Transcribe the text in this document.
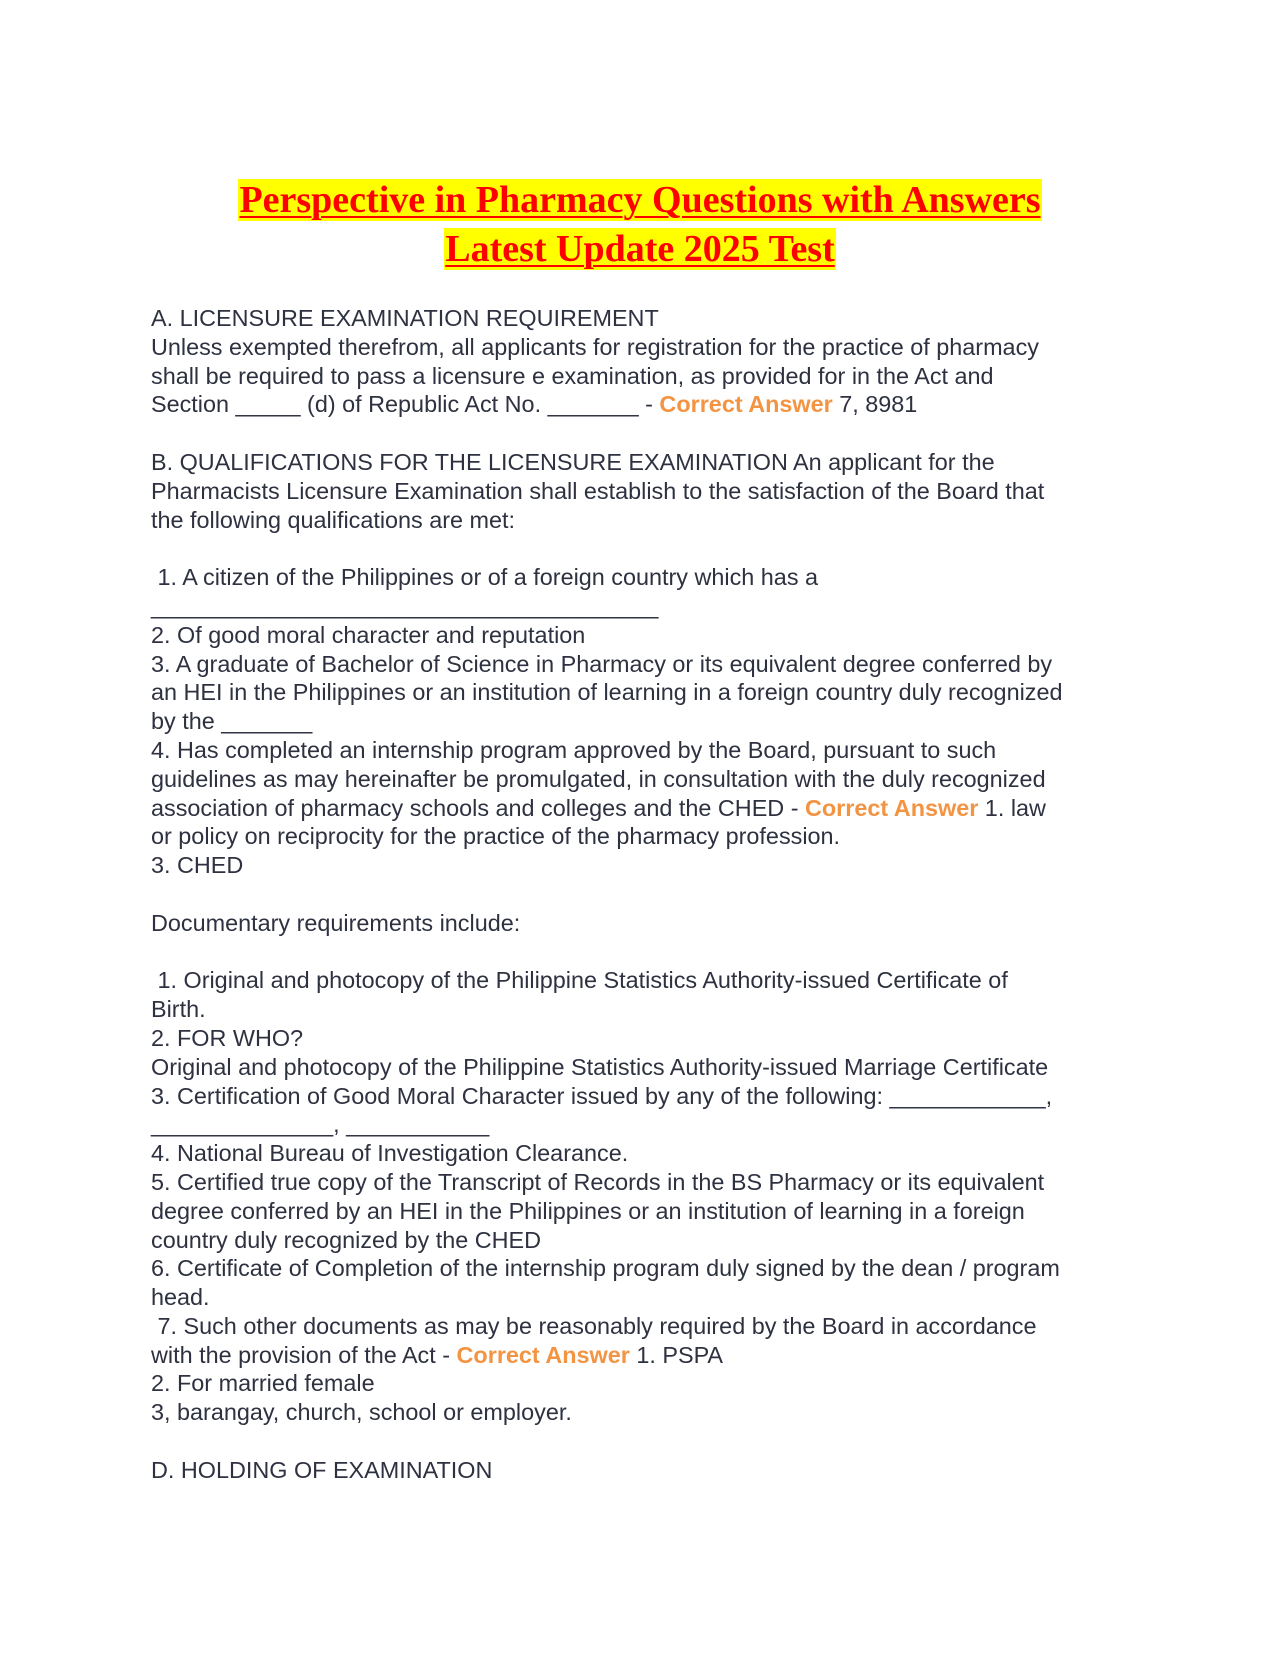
Perspective in Pharmacy Questions with Answers
Latest Update 2025 Test
A. LICENSURE EXAMINATION REQUIREMENT
Unless exempted therefrom, all applicants for registration for the practice of pharmacy
shall be required to pass a licensure e examination, as provided for in the Act and
Section _____ (d) of Republic Act No. _______ - Correct Answer 7, 8981
B. QUALIFICATIONS FOR THE LICENSURE EXAMINATION An applicant for the
Pharmacists Licensure Examination shall establish to the satisfaction of the Board that
the following qualifications are met:
1. A citizen of the Philippines or of a foreign country which has a
_______________________________________
2. Of good moral character and reputation
3. A graduate of Bachelor of Science in Pharmacy or its equivalent degree conferred by
an HEI in the Philippines or an institution of learning in a foreign country duly recognized
by the _______
4. Has completed an internship program approved by the Board, pursuant to such
guidelines as may hereinafter be promulgated, in consultation with the duly recognized
association of pharmacy schools and colleges and the CHED - Correct Answer 1. law
or policy on reciprocity for the practice of the pharmacy profession.
3. CHED
Documentary requirements include:
1. Original and photocopy of the Philippine Statistics Authority-issued Certificate of
Birth.
2. FOR WHO?
Original and photocopy of the Philippine Statistics Authority-issued Marriage Certificate
3. Certification of Good Moral Character issued by any of the following: ____________,
______________, ___________
4. National Bureau of Investigation Clearance.
5. Certified true copy of the Transcript of Records in the BS Pharmacy or its equivalent
degree conferred by an HEI in the Philippines or an institution of learning in a foreign
country duly recognized by the CHED
6. Certificate of Completion of the internship program duly signed by the dean / program
head.
7. Such other documents as may be reasonably required by the Board in accordance
with the provision of the Act - Correct Answer 1. PSPA
2. For married female
3, barangay, church, school or employer.
D. HOLDING OF EXAMINATION
